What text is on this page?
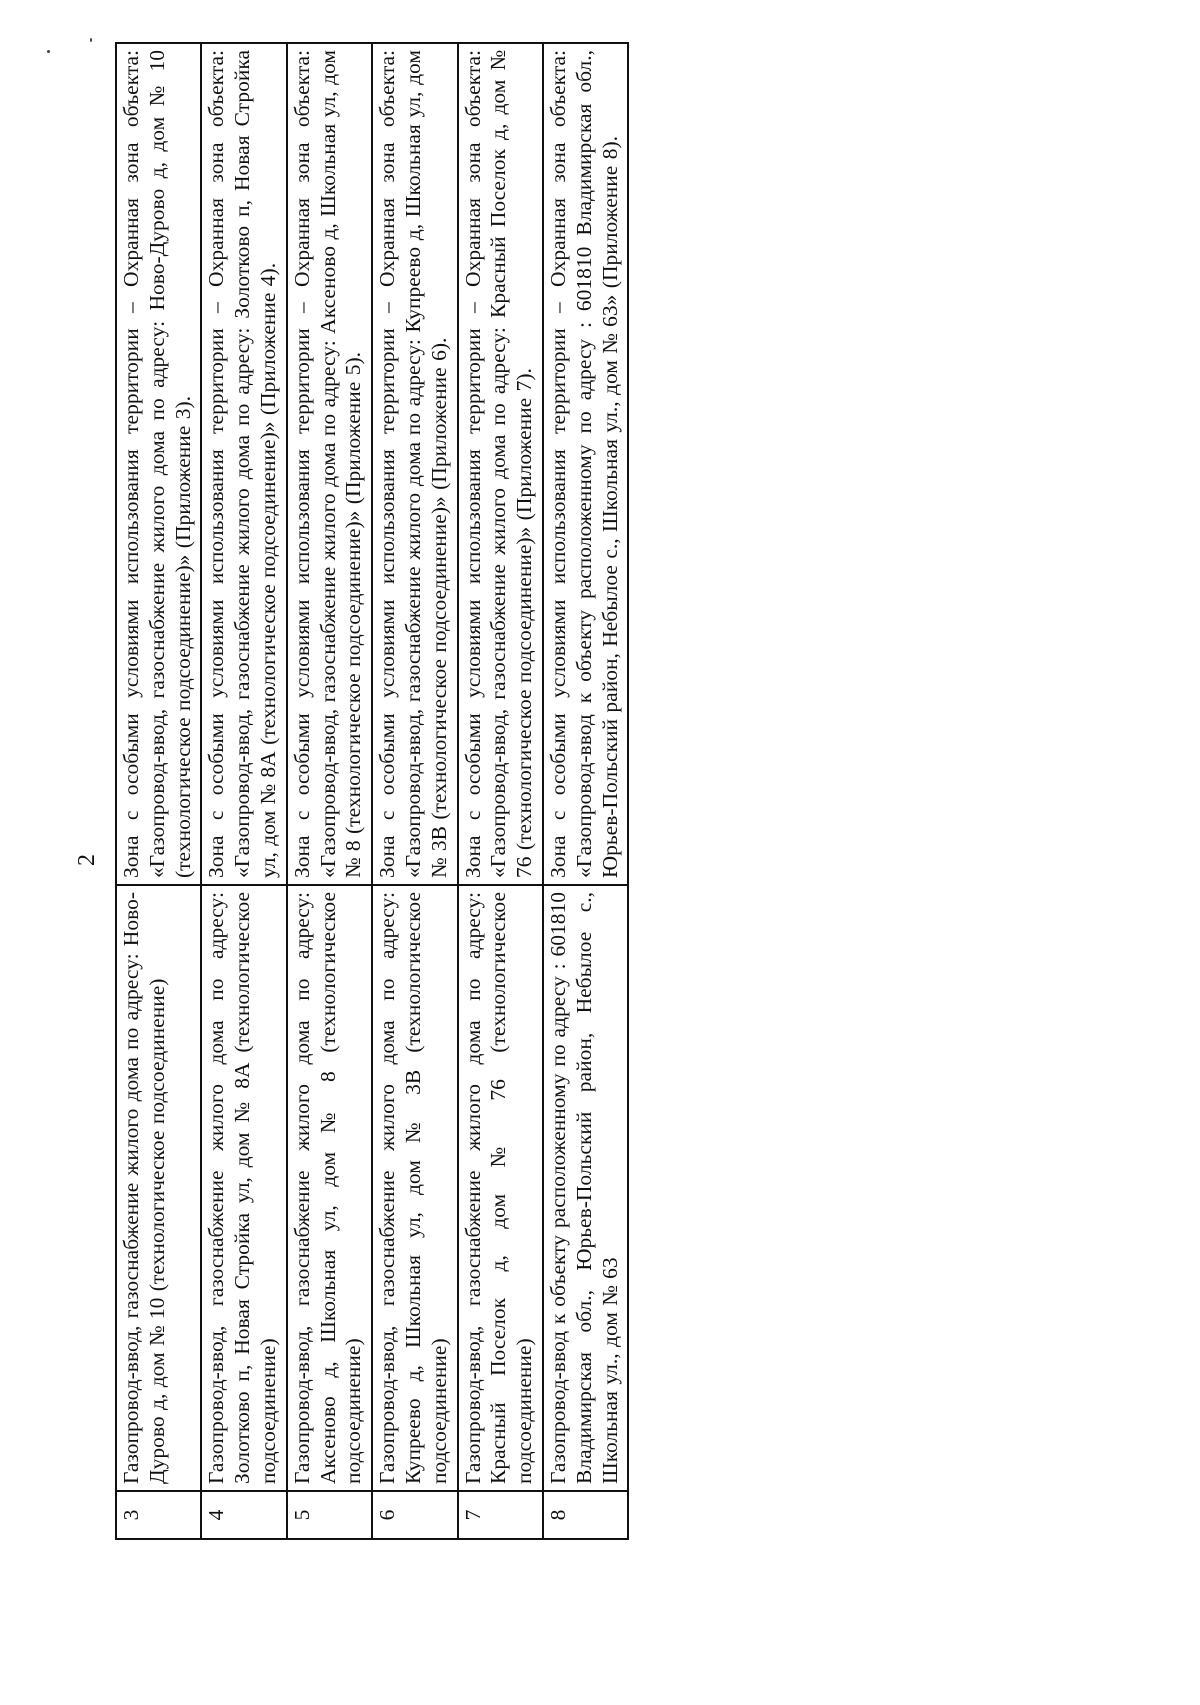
2
3	Газопровод-ввод, газоснабжение жилого дома по адресу: Ново-Дурово д, дом № 10 (технологическое подсоединение)	Зона с особыми условиями использования территории – Охранная зона объекта: «Газопровод-ввод, газоснабжение жилого дома по адресу: Ново-Дурово д, дом № 10 (технологическое подсоединение)» (Приложение 3).
4	Газопровод-ввод, газоснабжение жилого дома по адресу: Золотково п, Новая Стройка ул, дом № 8А (технологическое подсоединение)	Зона с особыми условиями использования территории – Охранная зона объекта: «Газопровод-ввод, газоснабжение жилого дома по адресу: Золотково п, Новая Стройка ул, дом № 8А (технологическое подсоединение)» (Приложение 4).
5	Газопровод-ввод, газоснабжение жилого дома по адресу: Аксеново д, Школьная ул, дом № 8 (технологическое подсоединение)	Зона с особыми условиями использования территории – Охранная зона объекта: «Газопровод-ввод, газоснабжение жилого дома по адресу: Аксеново д, Школьная ул, дом № 8 (технологическое подсоединение)» (Приложение 5).
6	Газопровод-ввод, газоснабжение жилого дома по адресу: Купреево д, Школьная ул, дом № 3В (технологическое подсоединение)	Зона с особыми условиями использования территории – Охранная зона объекта: «Газопровод-ввод, газоснабжение жилого дома по адресу: Купреево д, Школьная ул, дом № 3В (технологическое подсоединение)» (Приложение 6).
7	Газопровод-ввод, газоснабжение жилого дома по адресу: Красный Поселок д, дом № 76 (технологическое подсоединение)	Зона с особыми условиями использования территории – Охранная зона объекта: «Газопровод-ввод, газоснабжение жилого дома по адресу: Красный Поселок д, дом № 76 (технологическое подсоединение)» (Приложение 7).
8	Газопровод-ввод к объекту расположенному по адресу : 601810 Владимирская обл., Юрьев-Польский район, Небылое с., Школьная ул., дом № 63	Зона с особыми условиями использования территории – Охранная зона объекта: «Газопровод-ввод к объекту расположенному по адресу : 601810 Владимирская обл., Юрьев-Польский район, Небылое с., Школьная ул., дом № 63» (Приложение 8).
